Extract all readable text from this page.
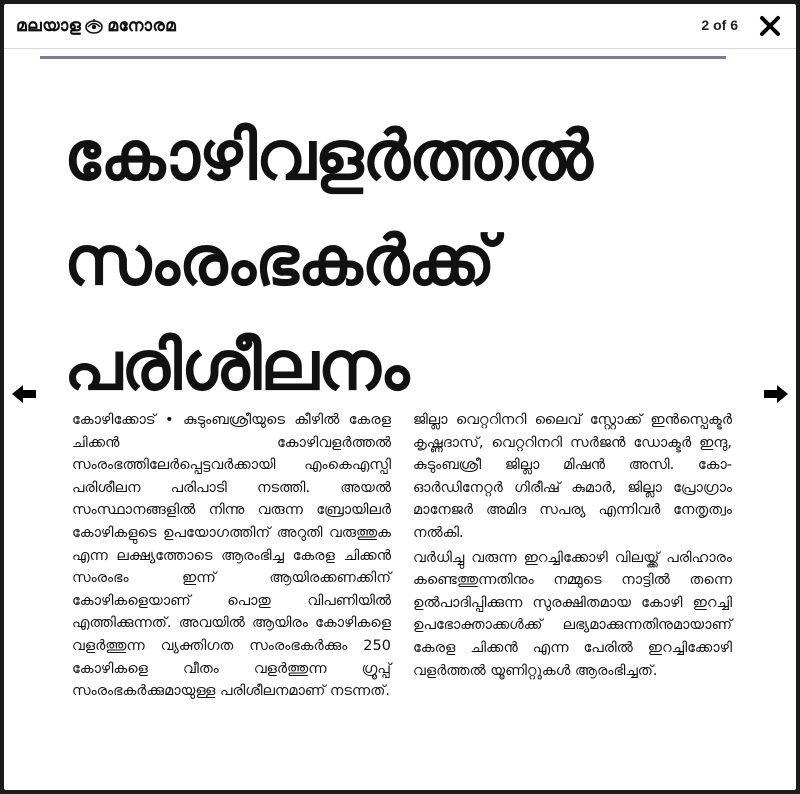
മലയാള മനോരമ	2 of 6
കോഴിവളർത്തൽ
സംരംഭകർക്ക്
പരിശീലനം

കോഴിക്കോട് • കുടുംബശ്രീയുടെ കീഴിൽ കേരള ചിക്കൻ കോഴിവളർത്തൽ സംരംഭത്തിലേർപ്പെട്ടവർക്കായി എംകെഎസ്പി പരിശീലന പരിപാടി നടത്തി. അയൽ സംസ്ഥാനങ്ങളിൽ നിന്നു വരുന്ന ബ്രോയിലർ കോഴികളുടെ ഉപയോഗത്തിന് അറുതി വരുത്തുക എന്ന ലക്ഷ്യത്തോടെ ആരംഭിച്ച കേരള ചിക്കൻ സംരംഭം ഇന്ന് ആയിരക്കണക്കിന് കോഴികളെയാണ് പൊതു വിപണിയിൽ എത്തിക്കുന്നത്. അവയിൽ ആയിരം കോഴികളെ വളർത്തുന്ന വ്യക്തിഗത സംരംഭകർക്കും 250 കോഴികളെ വീതം വളർത്തുന്ന ഗ്രൂപ്പ് സംരംഭകർക്കുമായുള്ള പരിശീലനമാണ് നടന്നത്.

ജില്ലാ വെറ്ററിനറി ലൈവ് സ്റ്റോക്ക് ഇൻസ്പെക്ടർ കൃഷ്ണദാസ്, വെറ്ററിനറി സർജൻ ഡോക്ടർ ഇന്ദു, കുടുംബശ്രീ ജില്ലാ മിഷൻ അസി. കോ-ഓർഡിനേറ്റർ ഗിരീഷ് കുമാർ, ജില്ലാ പ്രോഗ്രാം മാനേജർ അമിദ സപര്യ എന്നിവർ നേതൃത്വം നൽകി.

വർധിച്ചു വരുന്ന ഇറച്ചിക്കോഴി വിലയ്ക്ക് പരിഹാരം കണ്ടെത്തുന്നതിനും നമ്മുടെ നാട്ടിൽ തന്നെ ഉൽപാദിപ്പിക്കുന്ന സുരക്ഷിതമായ കോഴി ഇറച്ചി ഉപഭോക്താക്കൾക്ക് ലഭ്യമാക്കുന്നതിനുമായാണ് കേരള ചിക്കൻ എന്ന പേരിൽ ഇറച്ചിക്കോഴി വളർത്തൽ യൂണിറ്റുകൾ ആരംഭിച്ചത്.
